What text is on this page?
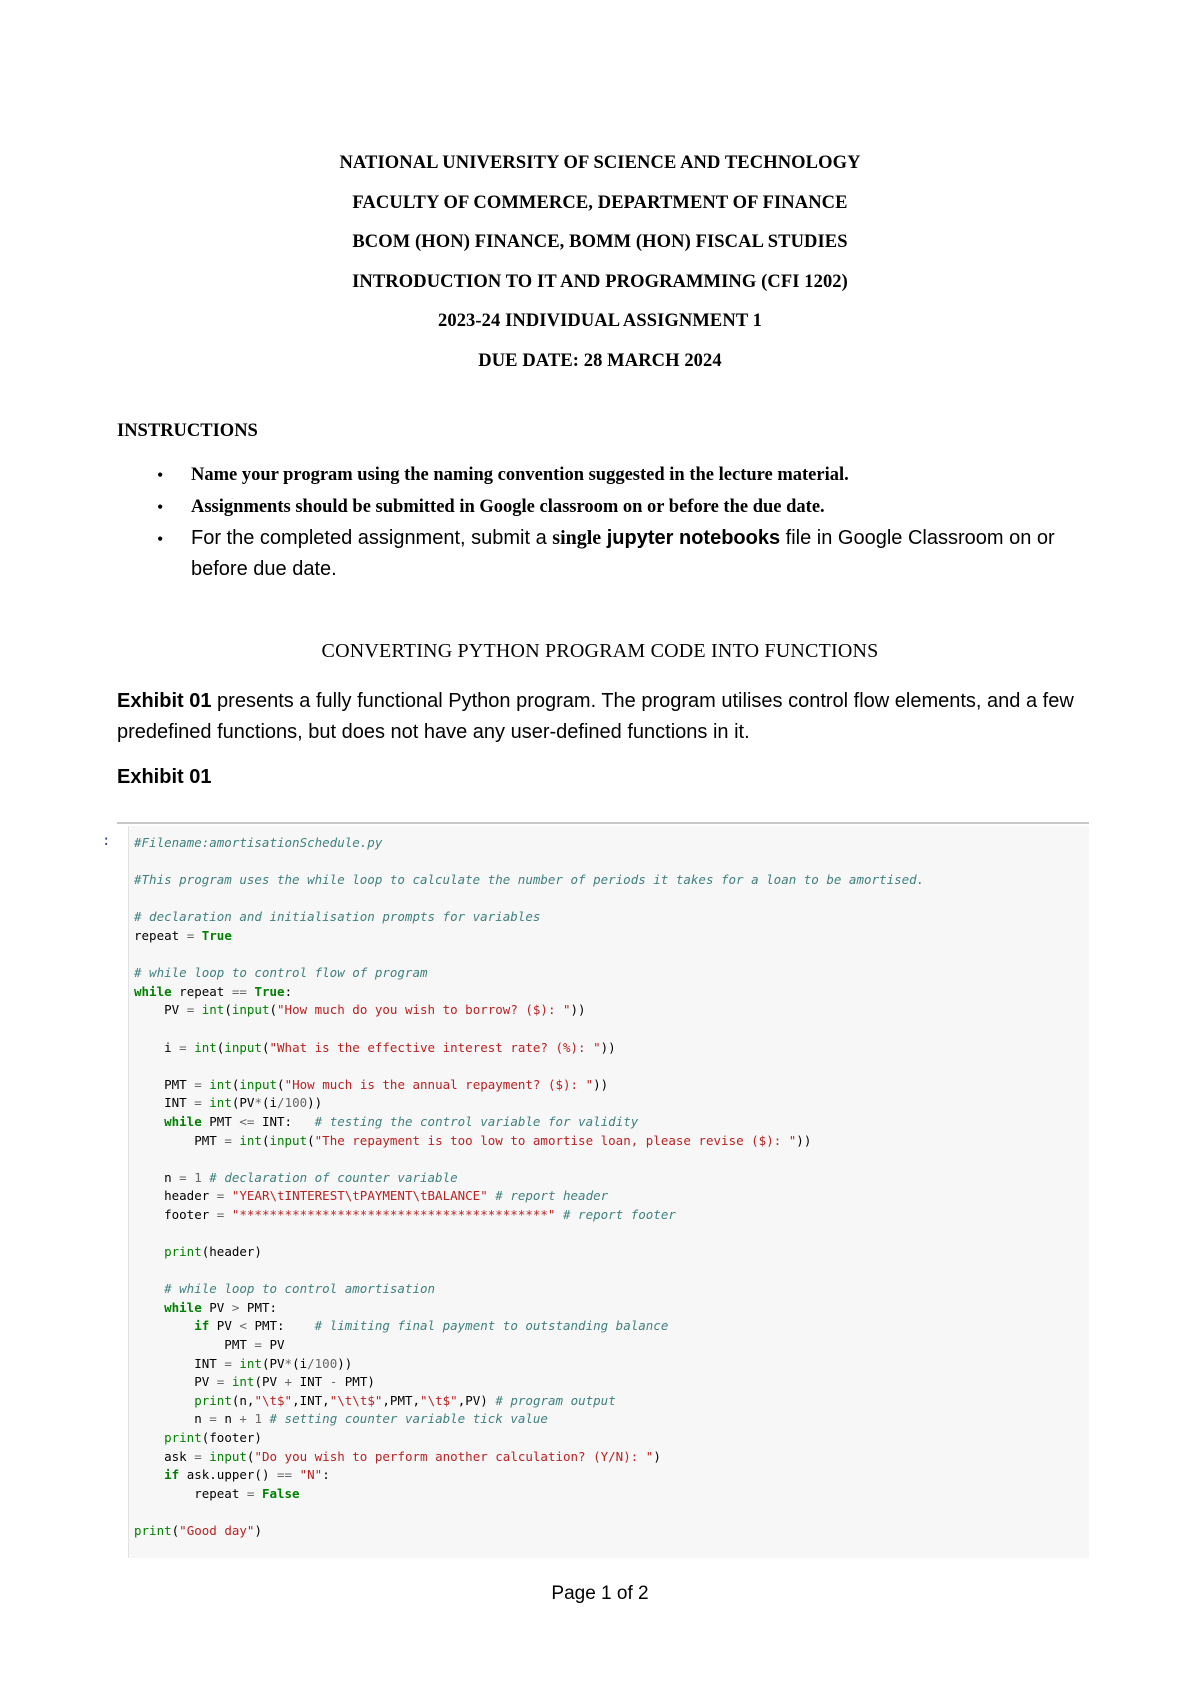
NATIONAL UNIVERSITY OF SCIENCE AND TECHNOLOGY
FACULTY OF COMMERCE, DEPARTMENT OF FINANCE
BCOM (HON) FINANCE, BOMM (HON) FISCAL STUDIES
INTRODUCTION TO IT AND PROGRAMMING (CFI 1202)
2023-24 INDIVIDUAL ASSIGNMENT 1
DUE DATE: 28 MARCH 2024
INSTRUCTIONS
• Name your program using the naming convention suggested in the lecture material.
• Assignments should be submitted in Google classroom on or before the due date.
• For the completed assignment, submit a single jupyter notebooks file in Google Classroom on or before due date.
CONVERTING PYTHON PROGRAM CODE INTO FUNCTIONS
Exhibit 01 presents a fully functional Python program. The program utilises control flow elements, and a few predefined functions, but does not have any user-defined functions in it.
Exhibit 01
: #Filename:amortisationSchedule.py

#This program uses the while loop to calculate the number of periods it takes for a loan to be amortised.

# declaration and initialisation prompts for variables
repeat = True

# while loop to control flow of program
while repeat == True:
PV = int(input("How much do you wish to borrow? ($): "))

i = int(input("What is the effective interest rate? (%): "))

PMT = int(input("How much is the annual repayment? ($): "))
INT = int(PV*(i/100))
while PMT <= INT:   # testing the control variable for validity
PMT = int(input("The repayment is too low to amortise loan, please revise ($): "))

n = 1 # declaration of counter variable
header = "YEAR\tINTEREST\tPAYMENT\tBALANCE" # report header
footer = "*****************************************" # report footer

print(header)

# while loop to control amortisation
while PV > PMT:
if PV < PMT:    # limiting final payment to outstanding balance
PMT = PV
INT = int(PV*(i/100))
PV = int(PV + INT - PMT)
print(n,"\t$",INT,"\t\t$",PMT,"\t$",PV) # program output
n = n + 1 # setting counter variable tick value
print(footer)
ask = input("Do you wish to perform another calculation? (Y/N): ")
if ask.upper() == "N":
repeat = False

print("Good day")
Page 1 of 2
